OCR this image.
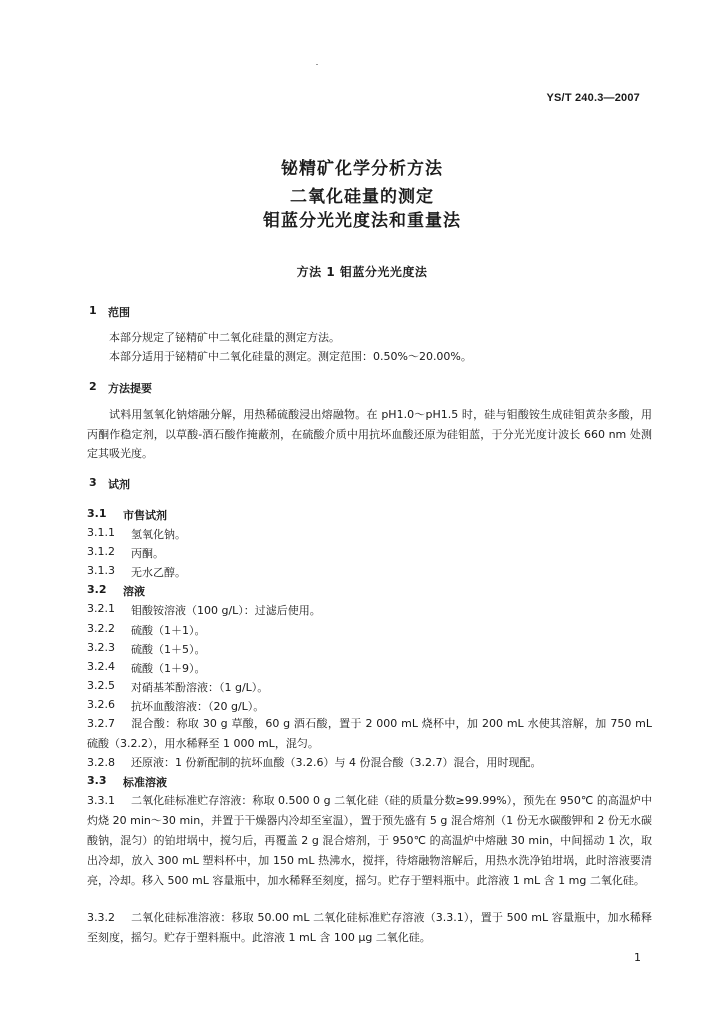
YS/T 240.3—2007
铋精矿化学分析方法
二氧化硅量的测定
钼蓝分光光度法和重量法
方法 1 钼蓝分光光度法
1 范围
本部分规定了铋精矿中二氧化硅量的测定方法。
本部分适用于铋精矿中二氧化硅量的测定。测定范围：0.50%～20.00%。
2 方法提要
试料用氢氧化钠熔融分解，用热稀硫酸浸出熔融物。在 pH1.0～pH1.5 时，硅与钼酸铵生成硅钼黄杂多酸，用丙酮作稳定剂，以草酸-酒石酸作掩蔽剂，在硫酸介质中用抗坏血酸还原为硅钼蓝，于分光光度计波长 660 nm 处测定其吸光度。
3 试剂
3.1 市售试剂
3.1.1 氢氧化钠。
3.1.2 丙酮。
3.1.3 无水乙醇。
3.2 溶液
3.2.1 钼酸铵溶液（100 g/L）：过滤后使用。
3.2.2 硫酸（1＋1）。
3.2.3 硫酸（1＋5）。
3.2.4 硫酸（1＋9）。
3.2.5 对硝基苯酚溶液：（1 g/L）。
3.2.6 抗坏血酸溶液：（20 g/L）。
3.2.7 混合酸：称取 30 g 草酸，60 g 酒石酸，置于 2 000 mL 烧杯中，加 200 mL 水使其溶解，加 750 mL 硫酸（3.2.2），用水稀释至 1 000 mL，混匀。
3.2.8 还原液：1 份新配制的抗坏血酸（3.2.6）与 4 份混合酸（3.2.7）混合，用时现配。
3.3 标准溶液
3.3.1 二氧化硅标准贮存溶液：称取 0.500 0 g 二氧化硅（硅的质量分数≥99.99%），预先在 950℃ 的高温炉中灼烧 20 min～30 min，并置于干燥器内冷却至室温），置于预先盛有 5 g 混合熔剂（1 份无水碳酸钾和 2 份无水碳酸钠，混匀）的铂坩埚中，搅匀后，再覆盖 2 g 混合熔剂，于 950℃ 的高温炉中熔融 30 min，中间摇动 1 次，取出冷却，放入 300 mL 塑料杯中，加 150 mL 热沸水，搅拌，待熔融物溶解后，用热水洗净铂坩埚，此时溶液要清亮，冷却。移入 500 mL 容量瓶中，加水稀释至刻度，摇匀。贮存于塑料瓶中。此溶液 1 mL 含 1 mg 二氧化硅。
3.3.2 二氧化硅标准溶液：移取 50.00 mL 二氧化硅标准贮存溶液（3.3.1），置于 500 mL 容量瓶中，加水稀释至刻度，摇匀。贮存于塑料瓶中。此溶液 1 mL 含 100 μg 二氧化硅。
1
